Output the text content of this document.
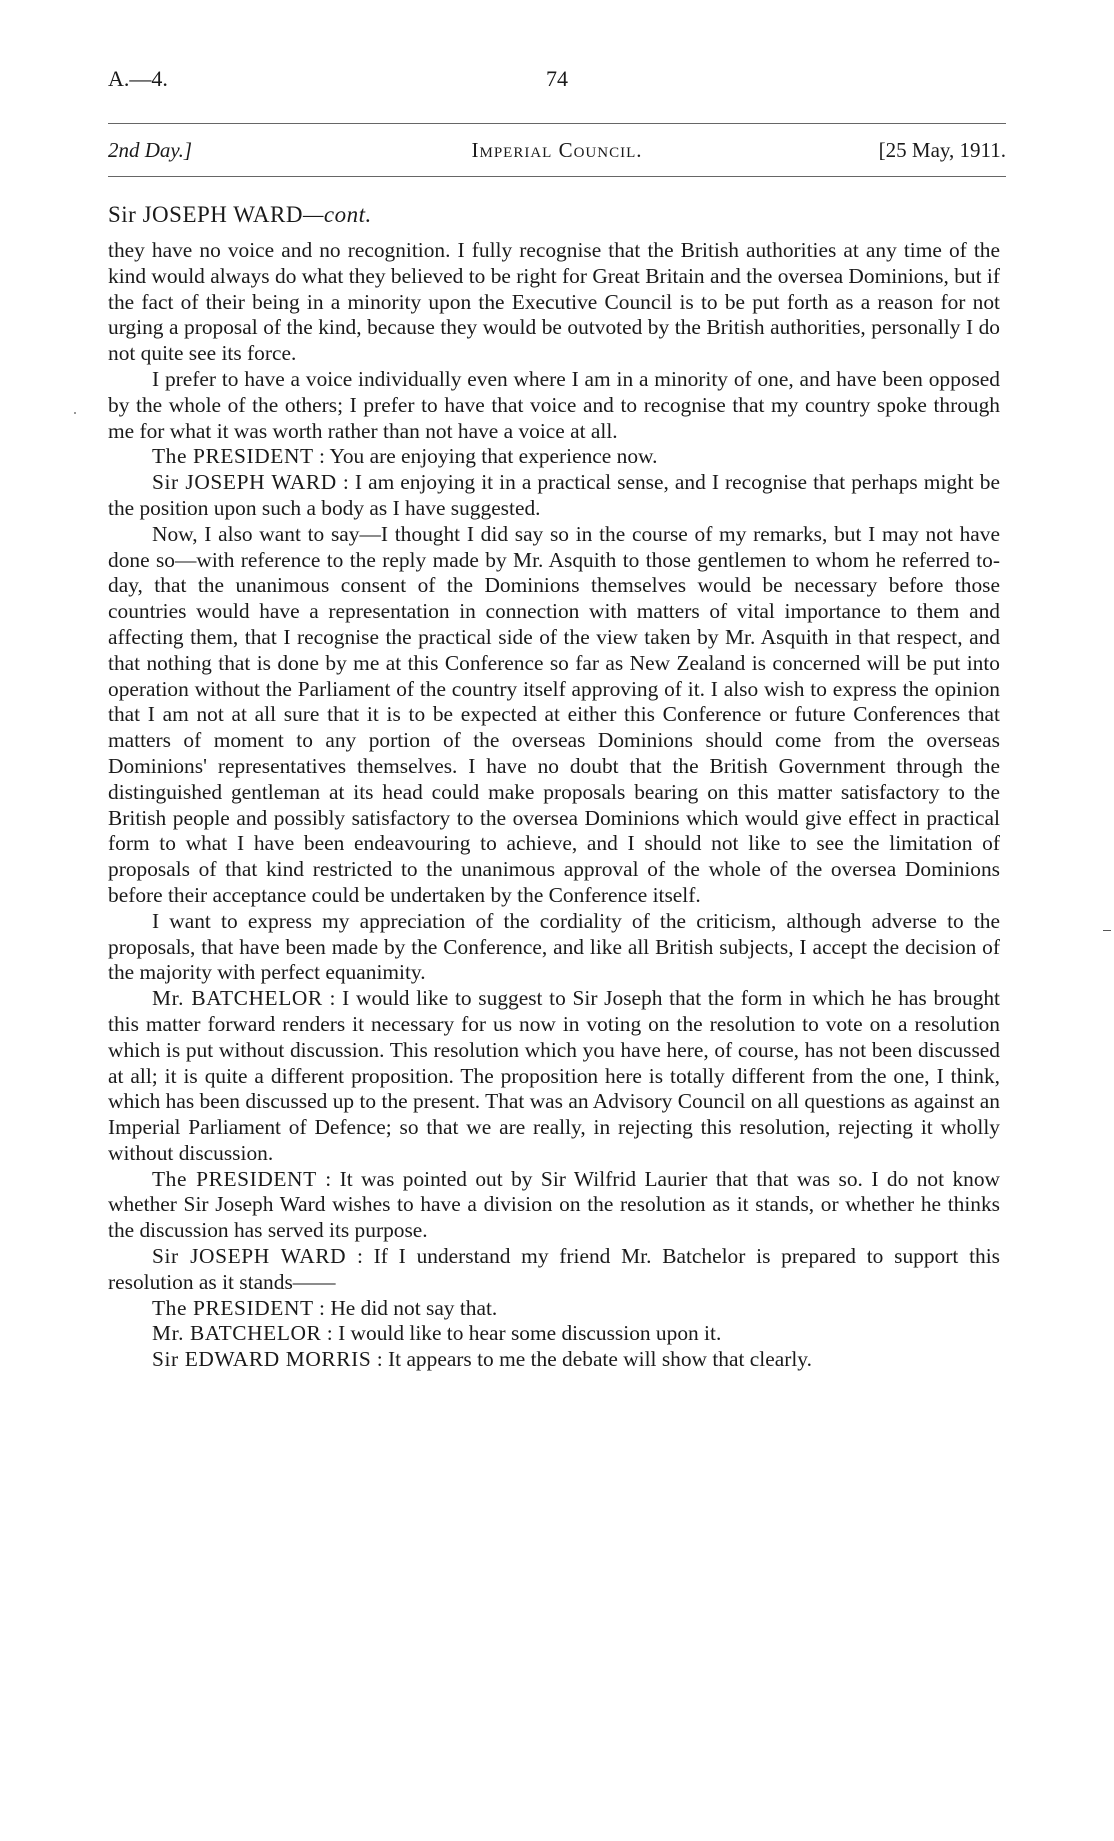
A.—4.	74
2nd Day.]	Imperial Council.	[25 May, 1911.
Sir JOSEPH WARD—cont.

they have no voice and no recognition. I fully recognise that the British authorities at any time of the kind would always do what they believed to be right for Great Britain and the oversea Dominions, but if the fact of their being in a minority upon the Executive Council is to be put forth as a reason for not urging a proposal of the kind, because they would be outvoted by the British authorities, personally I do not quite see its force.

I prefer to have a voice individually even where I am in a minority of one, and have been opposed by the whole of the others; I prefer to have that voice and to recognise that my country spoke through me for what it was worth rather than not have a voice at all.

The PRESIDENT : You are enjoying that experience now.

Sir JOSEPH WARD : I am enjoying it in a practical sense, and I recognise that perhaps might be the position upon such a body as I have suggested.

Now, I also want to say—I thought I did say so in the course of my remarks, but I may not have done so—with reference to the reply made by Mr. Asquith to those gentlemen to whom he referred to-day, that the unanimous consent of the Dominions themselves would be necessary before those countries would have a representation in connection with matters of vital importance to them and affecting them, that I recognise the practical side of the view taken by Mr. Asquith in that respect, and that nothing that is done by me at this Conference so far as New Zealand is concerned will be put into operation without the Parliament of the country itself approving of it. I also wish to express the opinion that I am not at all sure that it is to be expected at either this Conference or future Conferences that matters of moment to any portion of the overseas Dominions should come from the overseas Dominions' representatives themselves. I have no doubt that the British Government through the distinguished gentleman at its head could make proposals bearing on this matter satisfactory to the British people and possibly satisfactory to the oversea Dominions which would give effect in practical form to what I have been endeavouring to achieve, and I should not like to see the limitation of proposals of that kind restricted to the unanimous approval of the whole of the oversea Dominions before their acceptance could be undertaken by the Conference itself.

I want to express my appreciation of the cordiality of the criticism, although adverse to the proposals, that have been made by the Conference, and like all British subjects, I accept the decision of the majority with perfect equanimity.

Mr. BATCHELOR : I would like to suggest to Sir Joseph that the form in which he has brought this matter forward renders it necessary for us now in voting on the resolution to vote on a resolution which is put without discussion. This resolution which you have here, of course, has not been discussed at all; it is quite a different proposition. The proposition here is totally different from the one, I think, which has been discussed up to the present. That was an Advisory Council on all questions as against an Imperial Parliament of Defence; so that we are really, in rejecting this resolution, rejecting it wholly without discussion.

The PRESIDENT : It was pointed out by Sir Wilfrid Laurier that that was so. I do not know whether Sir Joseph Ward wishes to have a division on the resolution as it stands, or whether he thinks the discussion has served its purpose.

Sir JOSEPH WARD : If I understand my friend Mr. Batchelor is prepared to support this resolution as it stands——

The PRESIDENT : He did not say that.

Mr. BATCHELOR : I would like to hear some discussion upon it.

Sir EDWARD MORRIS : It appears to me the debate will show that clearly.
